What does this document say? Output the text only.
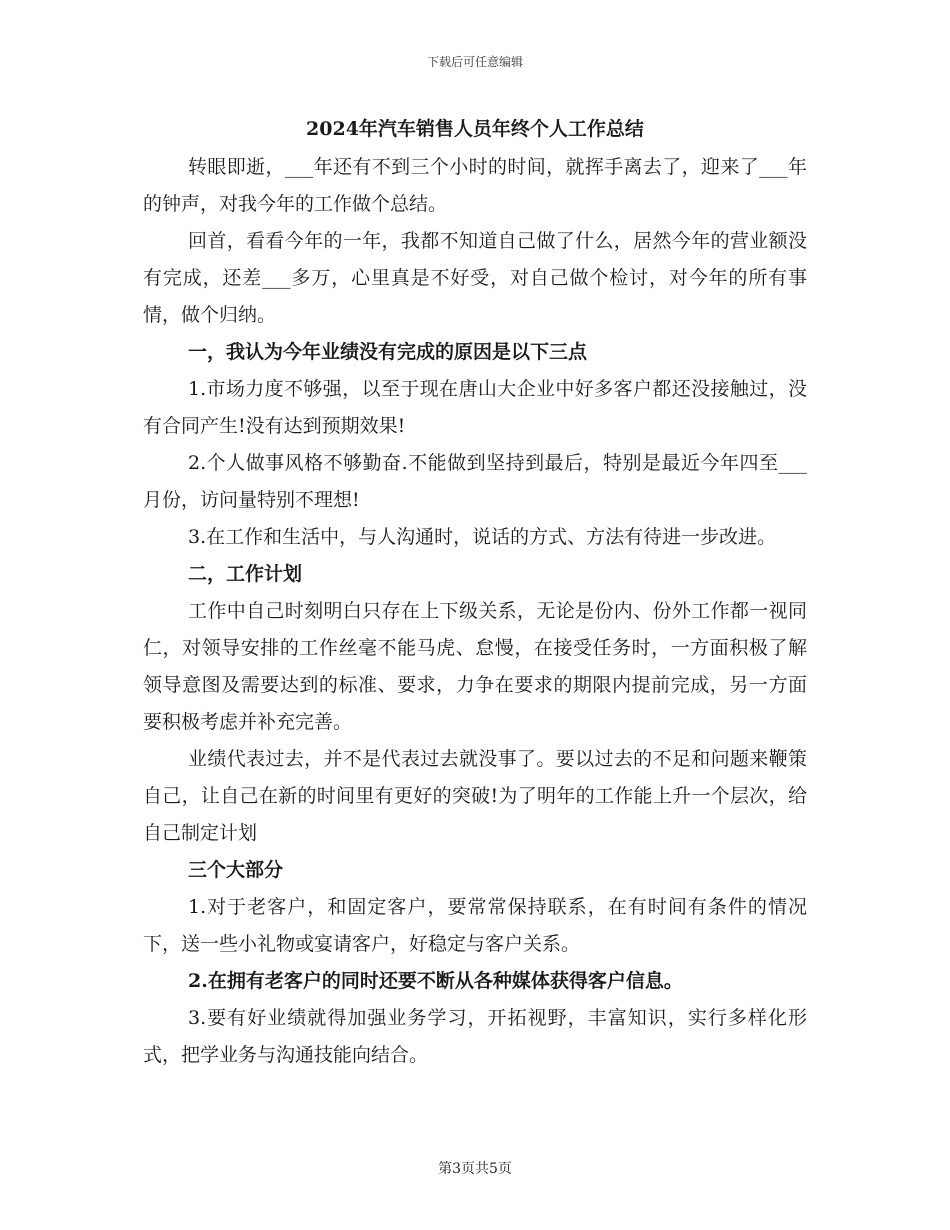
下载后可任意编辑
2024年汽车销售人员年终个人工作总结

转眼即逝，___年还有不到三个小时的时间，就挥手离去了，迎来了___年的钟声，对我今年的工作做个总结。

回首，看看今年的一年，我都不知道自己做了什么，居然今年的营业额没有完成，还差___多万，心里真是不好受，对自己做个检讨，对今年的所有事情，做个归纳。

一，我认为今年业绩没有完成的原因是以下三点

1.市场力度不够强，以至于现在唐山大企业中好多客户都还没接触过，没有合同产生!没有达到预期效果!

2.个人做事风格不够勤奋.不能做到坚持到最后，特别是最近今年四至___月份，访问量特别不理想!

3.在工作和生活中，与人沟通时，说话的方式、方法有待进一步改进。

二，工作计划

工作中自己时刻明白只存在上下级关系，无论是份内、份外工作都一视同仁，对领导安排的工作丝毫不能马虎、怠慢，在接受任务时，一方面积极了解领导意图及需要达到的标准、要求，力争在要求的期限内提前完成，另一方面要积极考虑并补充完善。

业绩代表过去，并不是代表过去就没事了。要以过去的不足和问题来鞭策自己，让自己在新的时间里有更好的突破!为了明年的工作能上升一个层次，给自己制定计划

三个大部分

1.对于老客户，和固定客户，要常常保持联系，在有时间有条件的情况下，送一些小礼物或宴请客户，好稳定与客户关系。

2.在拥有老客户的同时还要不断从各种媒体获得客户信息。

3.要有好业绩就得加强业务学习，开拓视野，丰富知识，实行多样化形式，把学业务与沟通技能向结合。

第3页共5页
